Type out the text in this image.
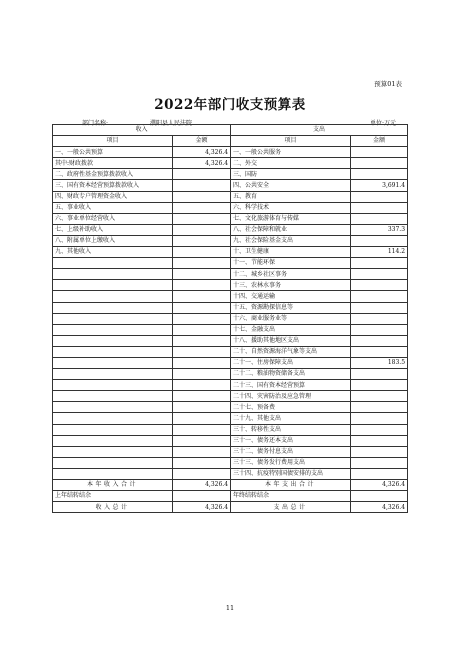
预算01表
2022年部门收支预算表
部门名称:	濮阳县人民法院	单位:万元
收入		支出	
项目	金额	项目	金额
一、一般公共预算	4,326.4	一、一般公共服务	
其中:财政拨款	4,326.4	二、外交	
二、政府性基金预算拨款收入		三、国防	
三、国有资本经营预算拨款收入		四、公共安全	3,691.4
四、财政专户管理资金收入		五、教育	
五、事业收入		六、科学技术	
六、事业单位经营收入		七、文化旅游体育与传媒	
七、上级补助收入		八、社会保障和就业	337.3
八、附属单位上缴收入		九、社会保险基金支出	
九、其他收入		十、卫生健康	114.2
		十一、节能环保	
		十二、城乡社区事务	
		十三、农林水事务	
		十四、交通运输	
		十五、资源勘探信息等	
		十六、商业服务业等	
		十七、金融支出	
		十八、援助其他地区支出	
		二十、自然资源海洋气象等支出	
		二十一、住房保障支出	183.5
		二十二、粮油物资储备支出	
		二十三、国有资本经营预算	
		二十四、灾害防治及应急管理	
		二十七、预备费	
		二十九、其他支出	
		三十、转移性支出	
		三十一、债务还本支出	
		三十二、债务付息支出	
		三十三、债务发行费用支出	
		三十四、抗疫特别国债安排的支出	
本年收入合计	4,326.4	本年支出合计	4,326.4
上年结转结余		年终结转结余	
收入总计	4,326.4	支出总计	4,326.4
11
